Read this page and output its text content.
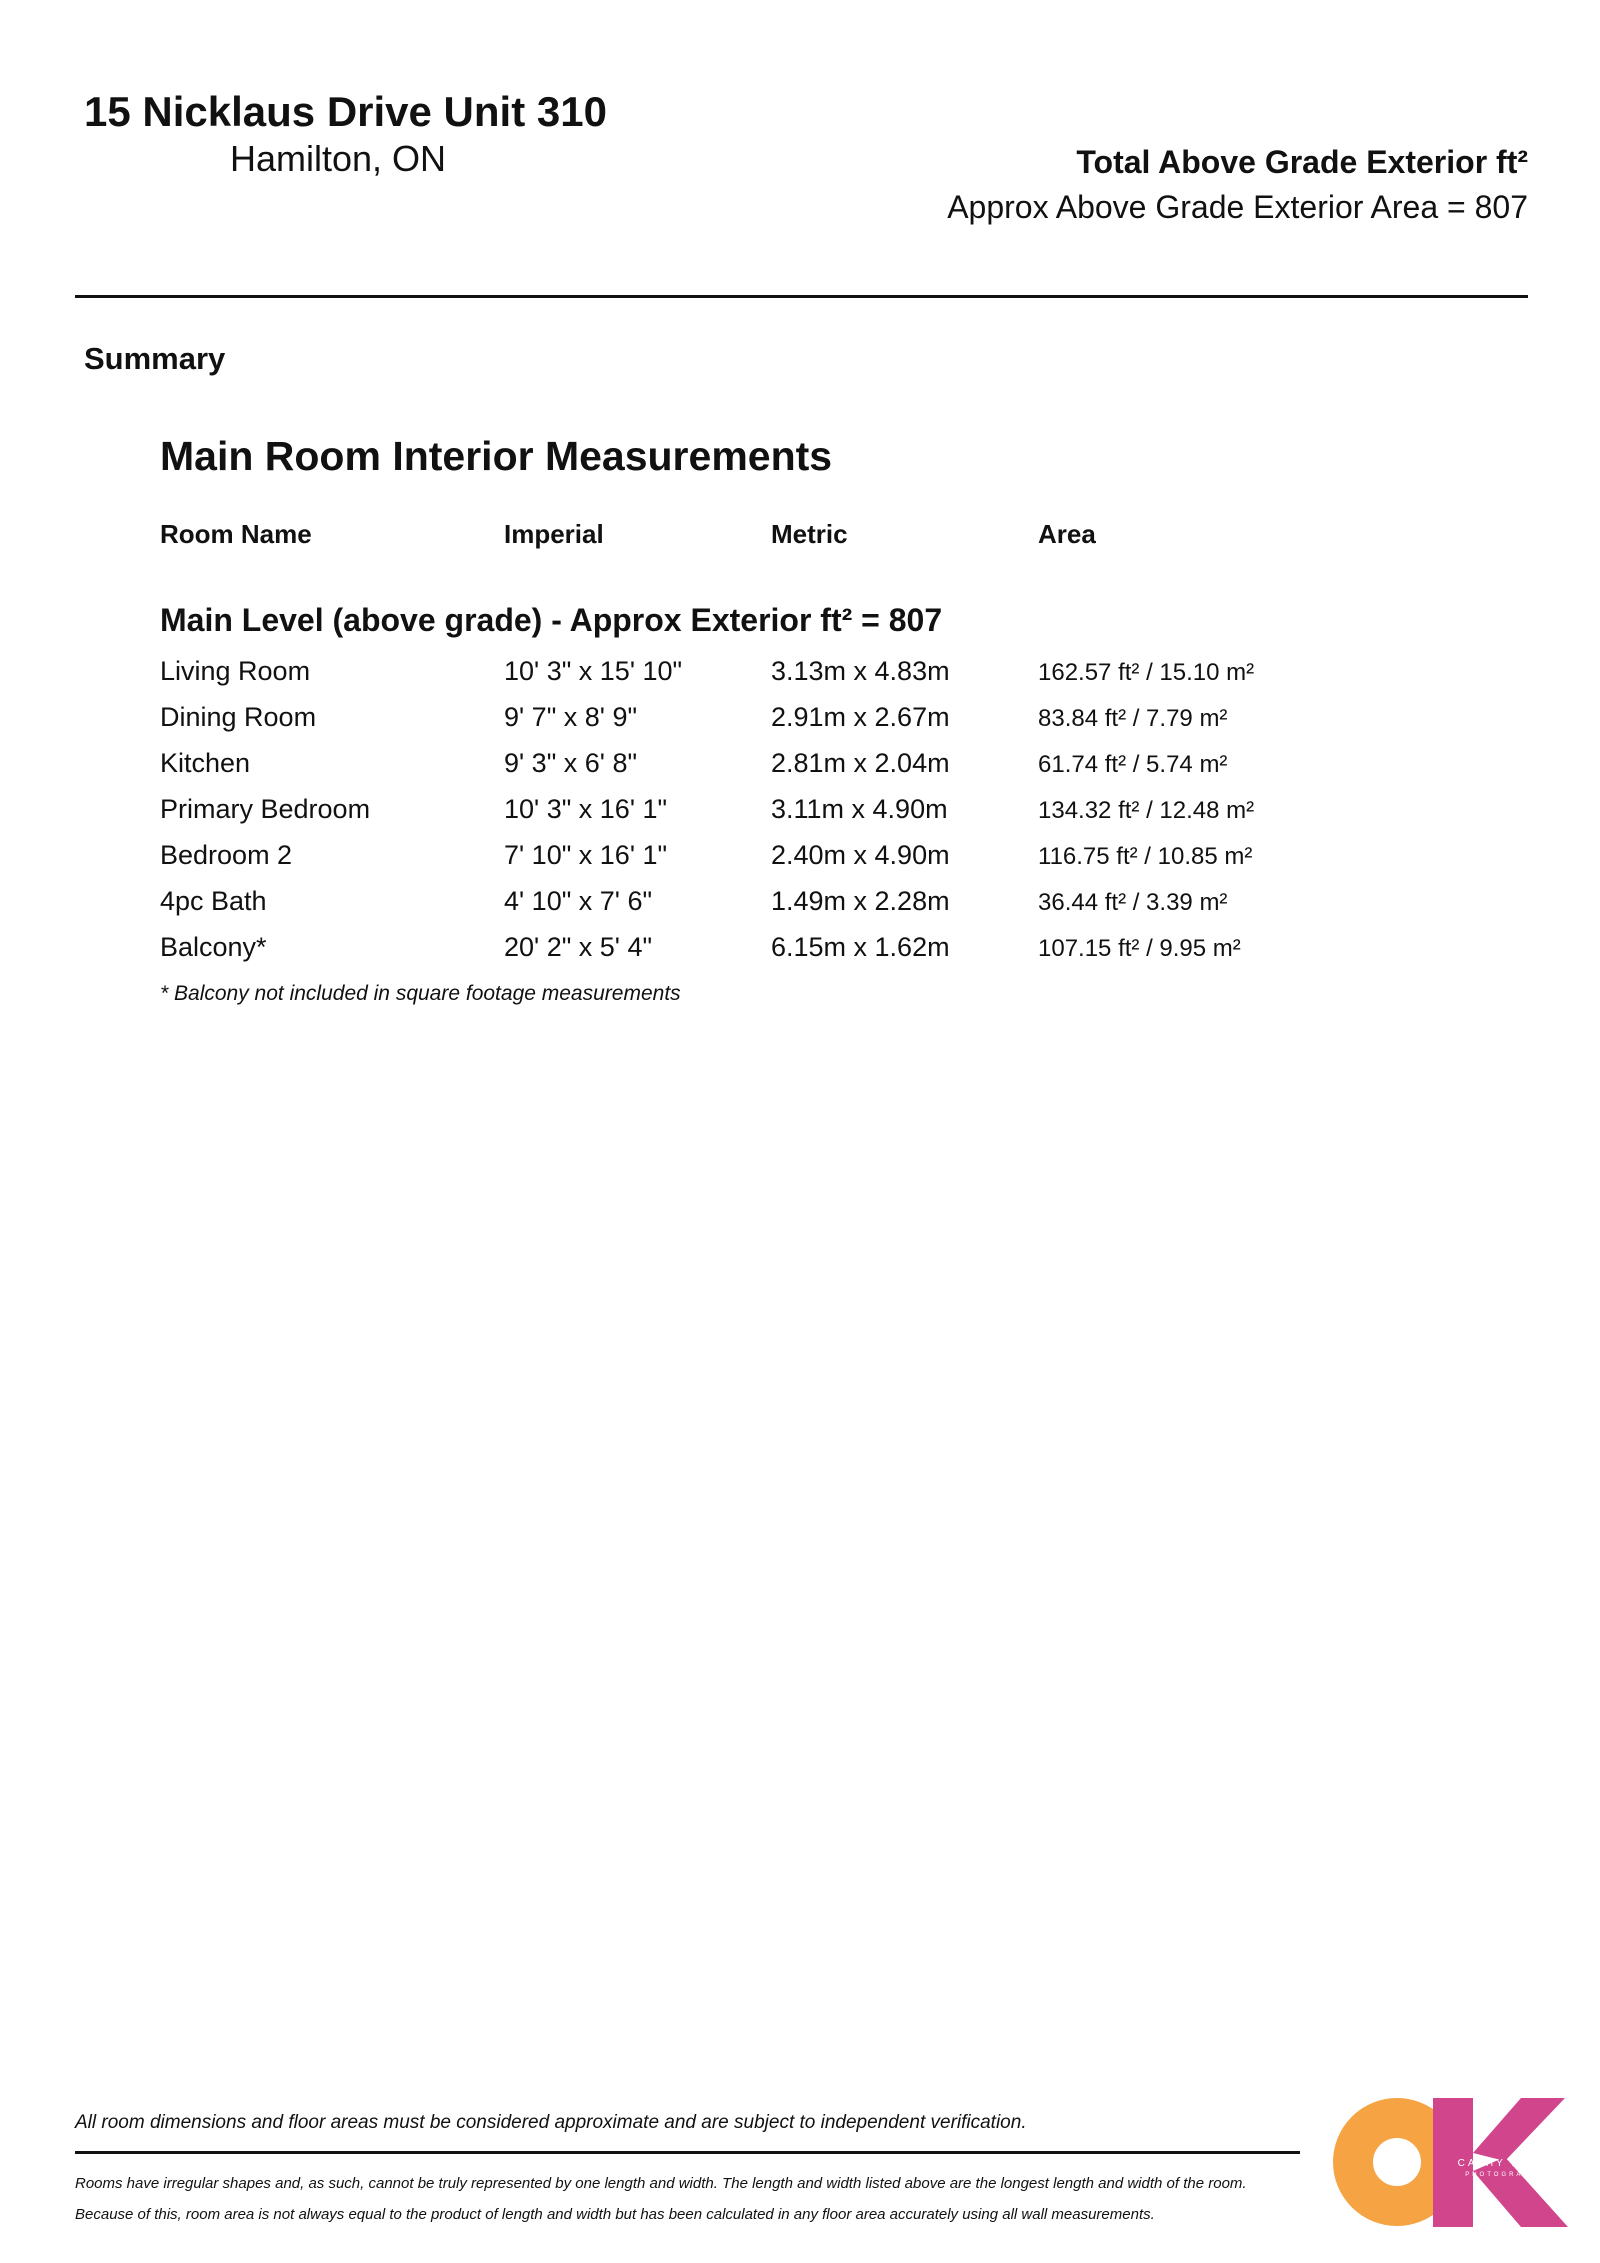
15 Nicklaus Drive Unit 310
Hamilton, ON	Total Above Grade Exterior ft²
Approx Above Grade Exterior Area = 807
Summary
Main Room Interior Measurements
Room Name	Imperial	Metric	Area
Main Level (above grade) - Approx Exterior ft² = 807
Living Room	10' 3" x 15' 10"	3.13m x 4.83m	162.57 ft² / 15.10 m²
Dining Room	9' 7" x 8' 9"	2.91m x 2.67m	83.84 ft² / 7.79 m²
Kitchen	9' 3" x 6' 8"	2.81m x 2.04m	61.74 ft² / 5.74 m²
Primary Bedroom	10' 3" x 16' 1"	3.11m x 4.90m	134.32 ft² / 12.48 m²
Bedroom 2	7' 10" x 16' 1"	2.40m x 4.90m	116.75 ft² / 10.85 m²
4pc Bath	4' 10" x 7' 6"	1.49m x 2.28m	36.44 ft² / 3.39 m²
Balcony*	20' 2" x 5' 4"	6.15m x 1.62m	107.15 ft² / 9.95 m²
* Balcony not included in square footage measurements
All room dimensions and floor areas must be considered approximate and are subject to independent verification.
Rooms have irregular shapes and, as such, cannot be truly represented by one length and width. The length and width listed above are the longest length and width of the room.
Because of this, room area is not always equal to the product of length and width but has been calculated in any floor area accurately using all wall measurements.
CATHY KOOP
PHOTOGRAPHY
